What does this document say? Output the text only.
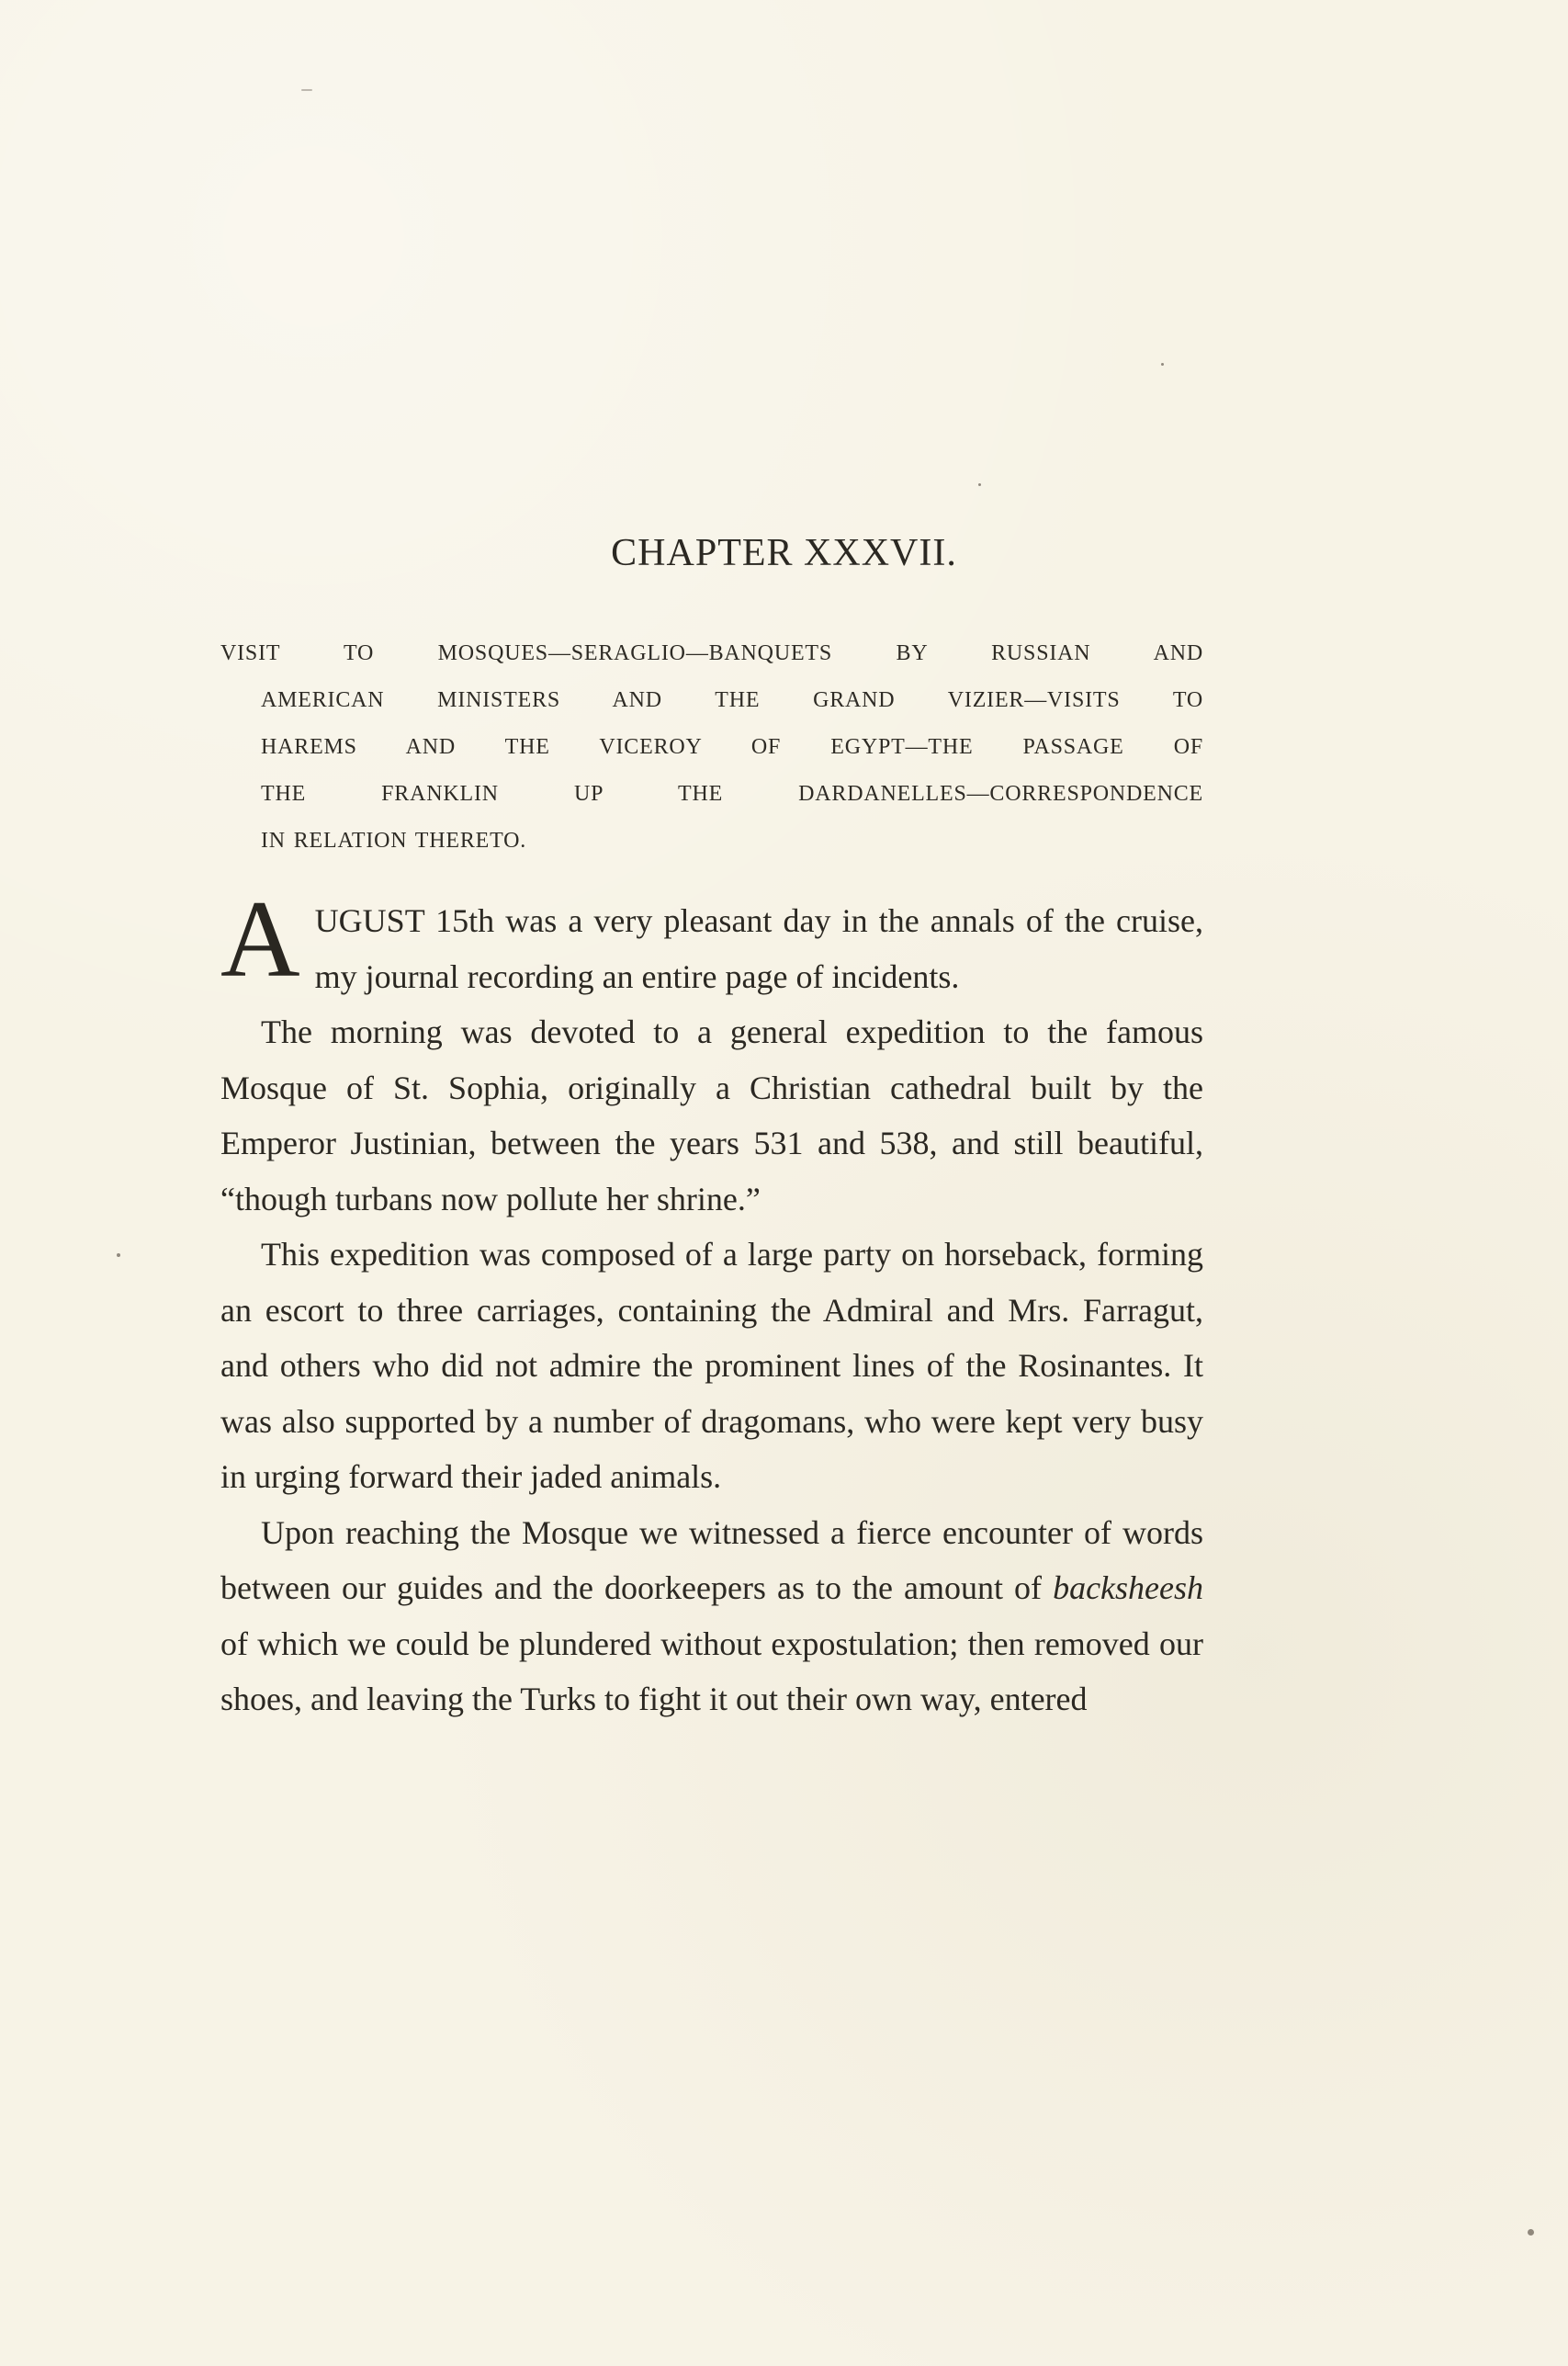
CHAPTER XXXVII.
VISIT TO MOSQUES—SERAGLIO—BANQUETS BY RUSSIAN AND
AMERICAN MINISTERS AND THE GRAND VIZIER—VISITS TO
HAREMS AND THE VICEROY OF EGYPT—THE PASSAGE OF
THE FRANKLIN UP THE DARDANELLES—CORRESPONDENCE
IN RELATION THERETO.

A UGUST 15th was a very pleasant day in the annals of the cruise, my journal recording an entire page of incidents.

The morning was devoted to a general expedition to the famous Mosque of St. Sophia, originally a Christian cathedral built by the Emperor Justinian, between the years 531 and 538, and still beautiful, “though turbans now pollute her shrine.”

This expedition was composed of a large party on horseback, forming an escort to three carriages, containing the Admiral and Mrs. Farragut, and others who did not admire the prominent lines of the Rosinantes. It was also supported by a number of dragomans, who were kept very busy in urging forward their jaded animals.

Upon reaching the Mosque we witnessed a fierce encounter of words between our guides and the doorkeepers as to the amount of backsheesh of which we could be plundered without expostulation; then removed our shoes, and leaving the Turks to fight it out their own way, entered
